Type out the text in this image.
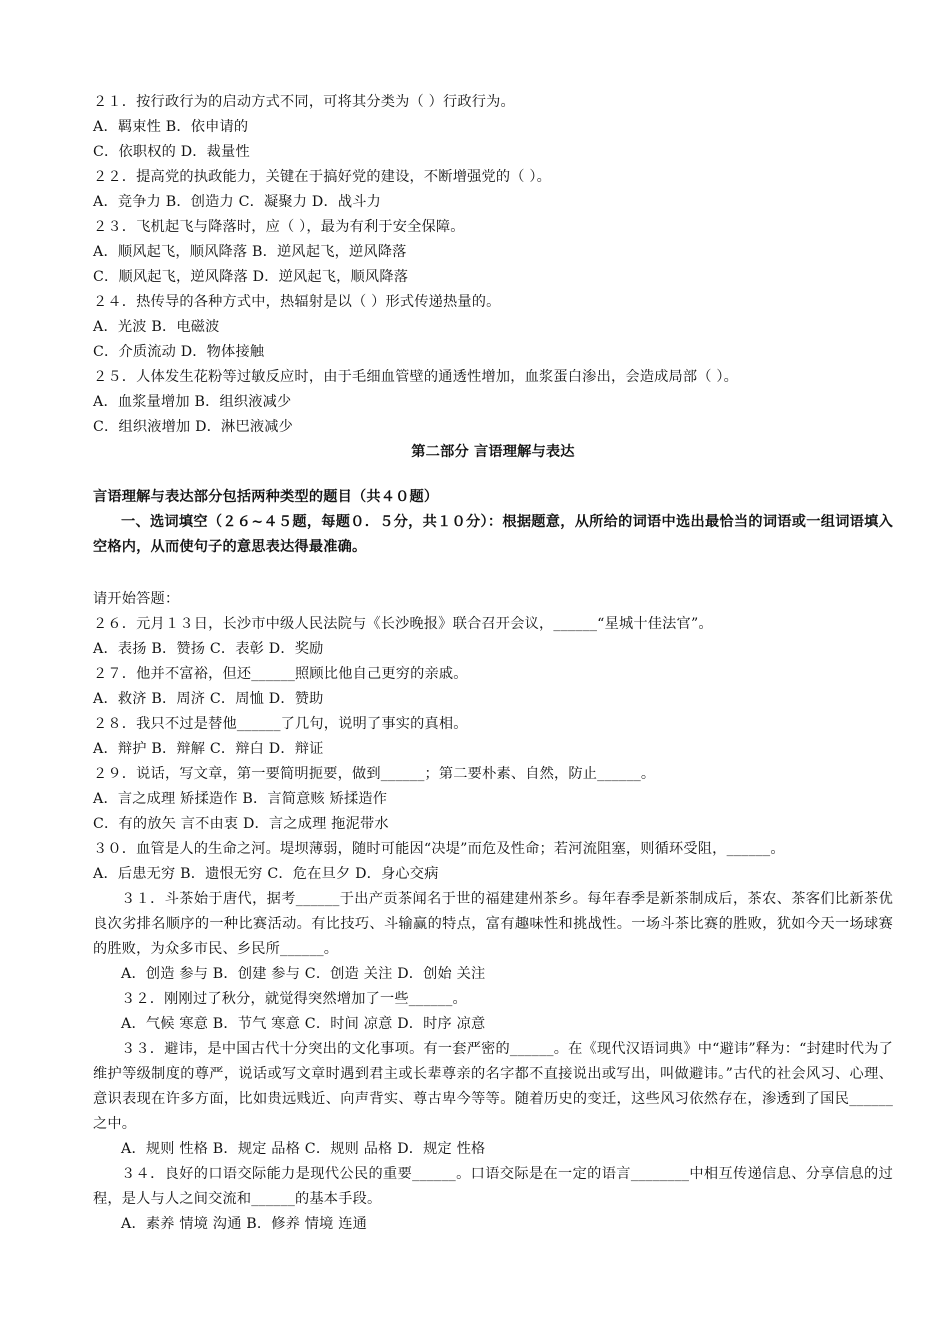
２１．按行政行为的启动方式不同，可将其分类为（ ）行政行为。
A．羁束性 B．依申请的
C．依职权的 D．裁量性
２２．提高党的执政能力，关键在于搞好党的建设，不断增强党的（ ）。
A．竞争力 B．创造力 C．凝聚力 D．战斗力
２３．飞机起飞与降落时，应（ ），最为有利于安全保障。
A．顺风起飞，顺风降落 B．逆风起飞，逆风降落
C．顺风起飞，逆风降落 D．逆风起飞，顺风降落
２４．热传导的各种方式中，热辐射是以（ ）形式传递热量的。
A．光波 B．电磁波
C．介质流动 D．物体接触
２５．人体发生花粉等过敏反应时，由于毛细血管壁的通透性增加，血浆蛋白渗出，会造成局部（ ）。
A．血浆量增加 B．组织液减少
C．组织液增加 D．淋巴液减少
第二部分 言语理解与表达
言语理解与表达部分包括两种类型的题目（共４０题）
一、选词填空（２６~４５题，每题０．５分，共１０分）：根据题意，从所给的词语中选出最恰当的词语或一组词语填入空格内，从而使句子的意思表达得最准确。
请开始答题：
２６．元月１３日，长沙市中级人民法院与《长沙晚报》联合召开会议，______“星城十佳法官”。
A．表扬 B．赞扬 C．表彰 D．奖励
２７．他并不富裕，但还______照顾比他自己更穷的亲戚。
A．救济 B．周济 C．周恤 D．赞助
２８．我只不过是替他______了几句，说明了事实的真相。
A．辩护 B．辩解 C．辩白 D．辩证
２９．说话，写文章，第一要简明扼要，做到______；第二要朴素、自然，防止______。
A．言之成理 矫揉造作 B．言简意赅 矫揉造作
C．有的放矢 言不由衷 D．言之成理 拖泥带水
３０．血管是人的生命之河。堤坝薄弱，随时可能因“决堤”而危及性命；若河流阻塞，则循环受阻，______。
A．后患无穷 B．遗恨无穷 C．危在旦夕 D．身心交病
３１．斗茶始于唐代，据考______于出产贡茶闻名于世的福建建州茶乡。每年春季是新茶制成后，茶农、茶客们比新茶优良次劣排名顺序的一种比赛活动。有比技巧、斗输赢的特点，富有趣味性和挑战性。一场斗茶比赛的胜败，犹如今天一场球赛的胜败，为众多市民、乡民所______。
A．创造 参与 B．创建 参与 C．创造 关注 D．创始 关注
３２．刚刚过了秋分，就觉得突然增加了一些______。
A．气候 寒意 B．节气 寒意 C．时间 凉意 D．时序 凉意
３３．避讳，是中国古代十分突出的文化事项。有一套严密的______。在《现代汉语词典》中“避讳”释为：“封建时代为了维护等级制度的尊严，说话或写文章时遇到君主或长辈尊亲的名字都不直接说出或写出，叫做避讳。”古代的社会风习、心理、意识表现在许多方面，比如贵远贱近、向声背实、尊古卑今等等。随着历史的变迁，这些风习依然存在，渗透到了国民______之中。
A．规则 性格 B．规定 品格 C．规则 品格 D．规定 性格
３４．良好的口语交际能力是现代公民的重要______。口语交际是在一定的语言________中相互传递信息、分享信息的过程，是人与人之间交流和______的基本手段。
A．素养 情境 沟通 B．修养 情境 连通
